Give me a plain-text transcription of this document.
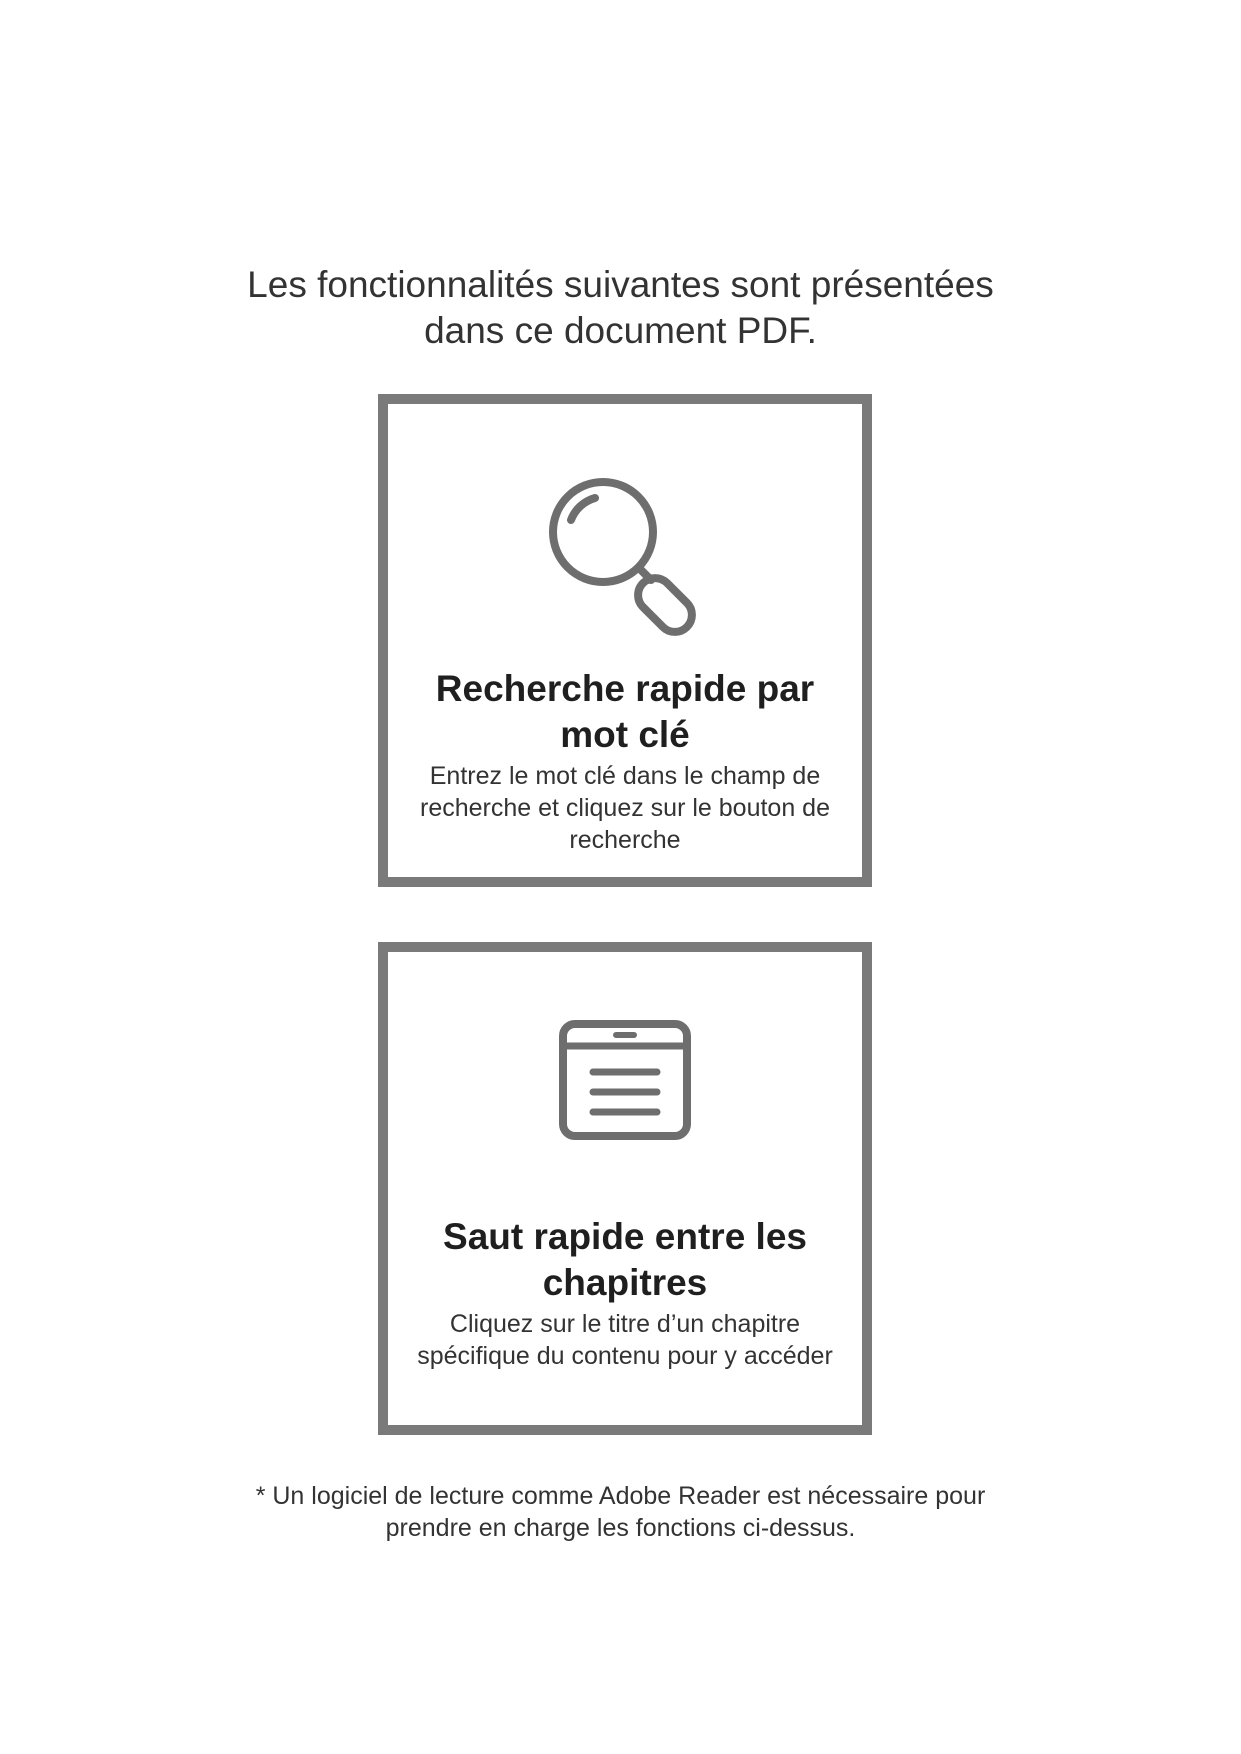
Les fonctionnalités suivantes sont présentées
dans ce document PDF.
Recherche rapide par
mot clé
Entrez le mot clé dans le champ de
recherche et cliquez sur le bouton de
recherche
Saut rapide entre les
chapitres
Cliquez sur le titre d’un chapitre
spécifique du contenu pour y accéder
* Un logiciel de lecture comme Adobe Reader est nécessaire pour
prendre en charge les fonctions ci-dessus.
